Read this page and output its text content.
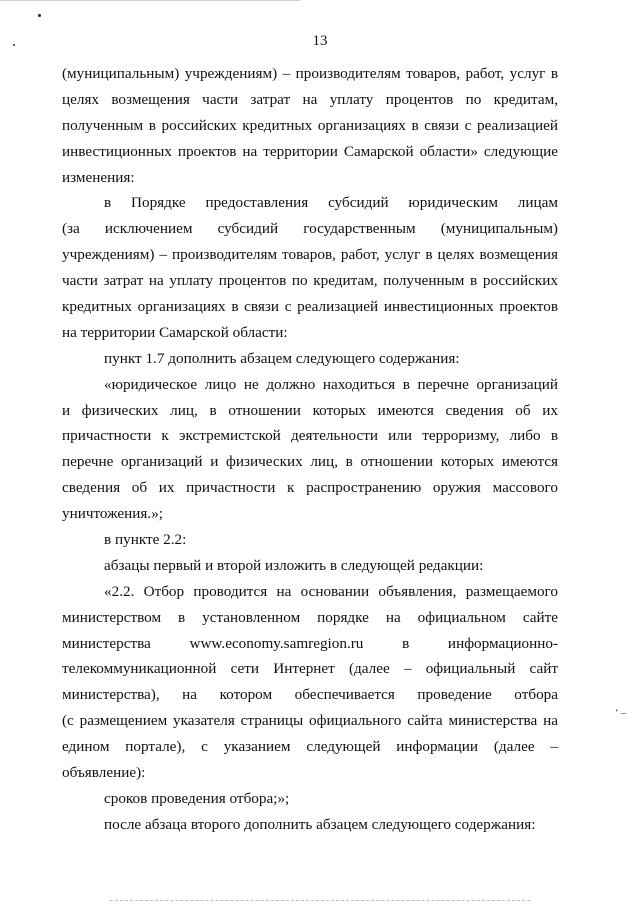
‘ –
13
(муниципальным) учреждениям) – производителям товаров, работ, услуг в
целях возмещения части затрат на уплату процентов по кредитам,
полученным в российских кредитных организациях в связи с реализацией
инвестиционных проектов на территории Самарской области» следующие
изменения:
в Порядке предоставления субсидий юридическим лицам
(за исключением субсидий государственным (муниципальным)
учреждениям) – производителям товаров, работ, услуг в целях возмещения
части затрат на уплату процентов по кредитам, полученным в российских
кредитных организациях в связи с реализацией инвестиционных проектов
на территории Самарской области:
пункт 1.7 дополнить абзацем следующего содержания:
«юридическое лицо не должно находиться в перечне организаций
и физических лиц, в отношении которых имеются сведения об их
причастности к экстремистской деятельности или терроризму, либо в
перечне организаций и физических лиц, в отношении которых имеются
сведения об их причастности к распространению оружия массового
уничтожения.»;
в пункте 2.2:
абзацы первый и второй изложить в следующей редакции:
«2.2. Отбор проводится на основании объявления, размещаемого
министерством в установленном порядке на официальном сайте
министерства www.economy.samregion.ru в информационно-
телекоммуникационной сети Интернет (далее – официальный сайт
министерства), на котором обеспечивается проведение отбора
(с размещением указателя страницы официального сайта министерства на
едином портале), с указанием следующей информации (далее –
объявление):
сроков проведения отбора;»;
после абзаца второго дополнить абзацем следующего содержания:
